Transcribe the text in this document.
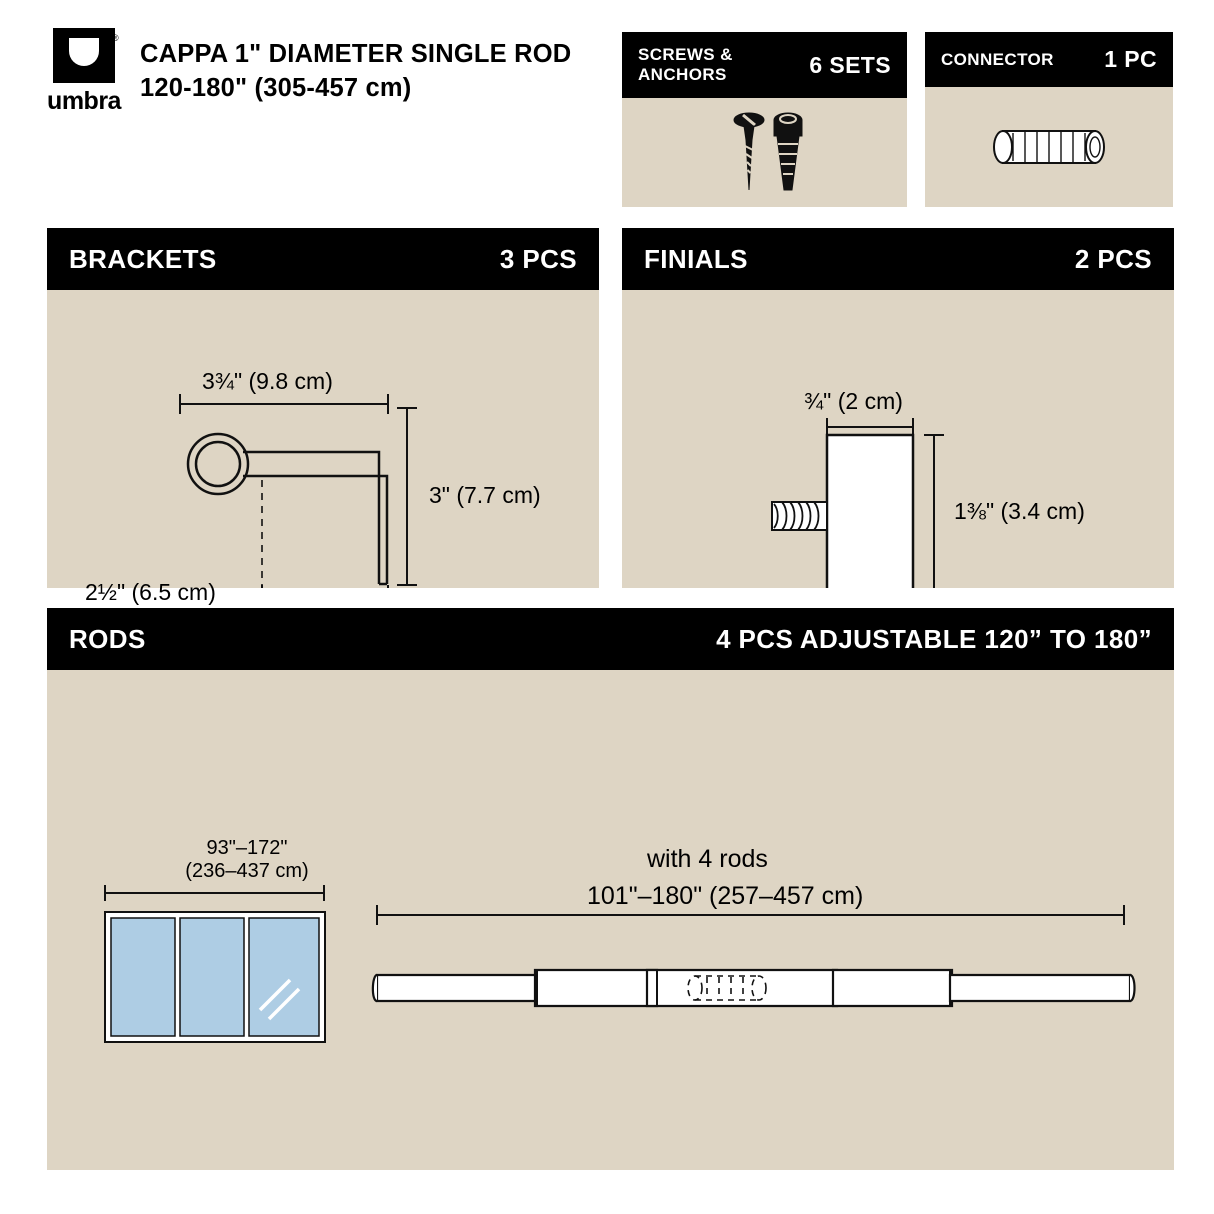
®
umbra
CAPPA 1" DIAMETER SINGLE ROD
120-180" (305-457 cm)
SCREWS &
ANCHORS	6 SETS	CONNECTOR 1 PC
BRACKETS	3 PCS
3¾" (9.8 cm)
3" (7.7 cm)
2½" (6.5 cm)
FINIALS	2 PCS
¾" (2 cm)
1⅜" (3.4 cm)
RODS	4 PCS ADJUSTABLE 120” TO 180”
93"–172"
(236–437 cm)	with 4 rods
101"–180" (257–457 cm)
